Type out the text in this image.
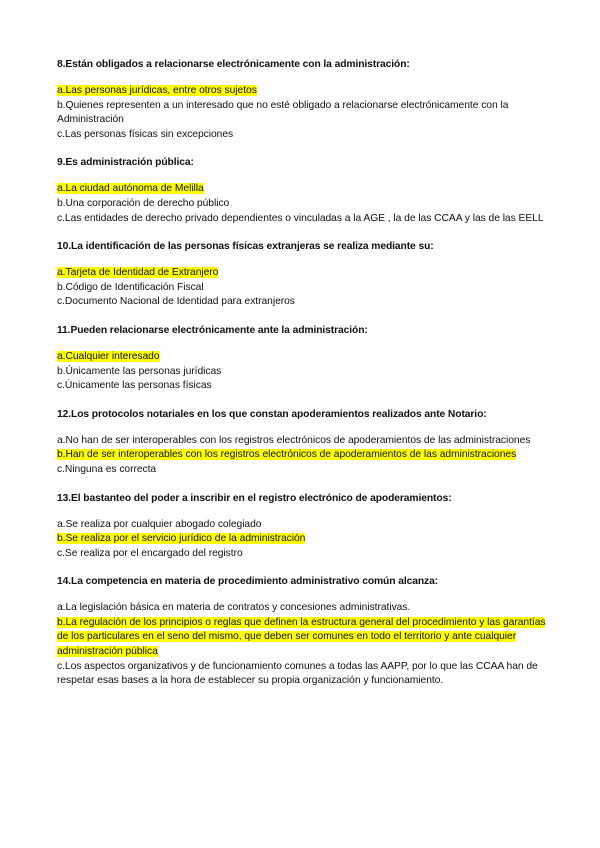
8.Están obligados a relacionarse electrónicamente con la administración:

a.Las personas jurídicas, entre otros sujetos

b.Quienes representen a un interesado que no esté obligado a relacionarse electrónicamente con la Administración

c.Las personas físicas sin excepciones

9.Es administración pública:

a.La ciudad autónoma de Melilla

b.Una corporación de derecho público

c.Las entidades de derecho privado dependientes o vinculadas a la AGE , la de las CCAA y las de las EELL

10.La identificación de las personas físicas extranjeras se realiza mediante su:

a.Tarjeta de Identidad de Extranjero

b.Código de Identificación Fiscal

c.Documento Nacional de Identidad para extranjeros

11.Pueden relacionarse electrónicamente ante la administración:

a.Cualquier interesado

b.Únicamente las personas jurídicas

c.Únicamente las personas físicas

12.Los protocolos notariales en los que constan apoderamientos realizados ante Notario:

a.No han de ser interoperables con los registros electrónicos de apoderamientos de las administraciones

b.Han de ser interoperables con los registros electrónicos de apoderamientos de las administraciones

c.Ninguna es correcta

13.El bastanteo del poder a inscribir en el registro electrónico de apoderamientos:

a.Se realiza por cualquier abogado colegiado

b.Se realiza por el servicio jurídico de la administración

c.Se realiza por el encargado del registro

14.La competencia en materia de procedimiento administrativo común alcanza:

a.La legislación básica en materia de contratos y concesiones administrativas.

b.La regulación de los principios o reglas que definen la estructura general del procedimiento y las garantías de los particulares en el seno del mismo, que deben ser comunes en todo el territorio y ante cualquier administración pública

c.Los aspectos organizativos y de funcionamiento comunes a todas las AAPP, por lo que las CCAA han de respetar esas bases a la hora de establecer su propia organización y funcionamiento.
